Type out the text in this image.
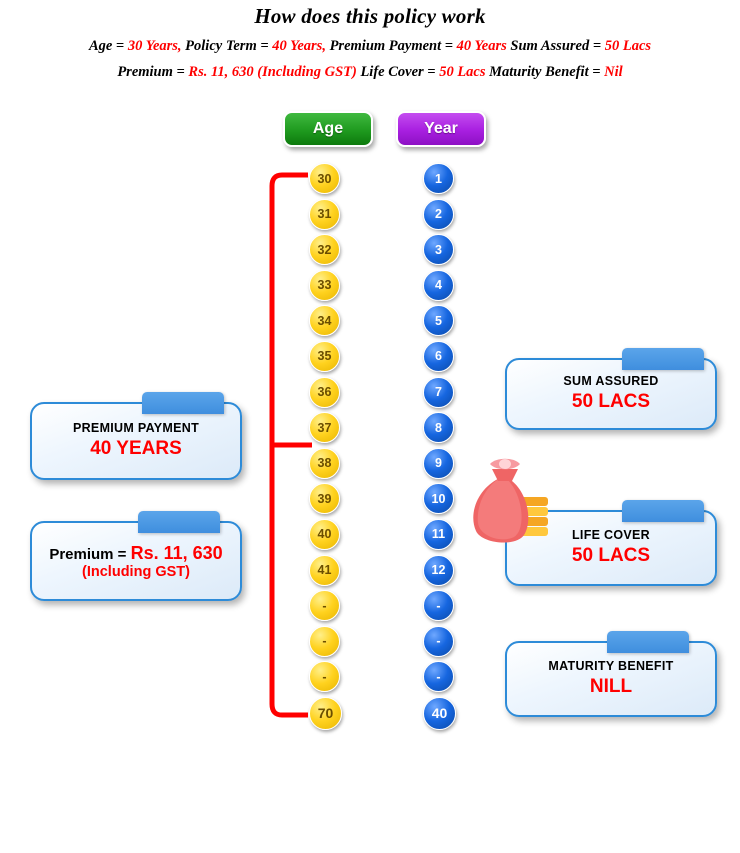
How does this policy work
Age = 30 Years, Policy Term = 40 Years, Premium Payment = 40 Years Sum Assured = 50 Lacs
Premium = Rs. 11, 630 (Including GST) Life Cover = 50 Lacs Maturity Benefit = Nil
Age	Year
30
31
32
33
34
35
36
37
38
39
40
41
-
-
-
70
1
2
3
4
5
6
7
8
9
10
11
12
-
-
-
40
PREMIUM PAYMENT
40 YEARS
Premium = Rs. 11, 630
(Including GST)
SUM ASSURED
50 LACS
LIFE COVER
50 LACS
MATURITY BENEFIT
NILL
